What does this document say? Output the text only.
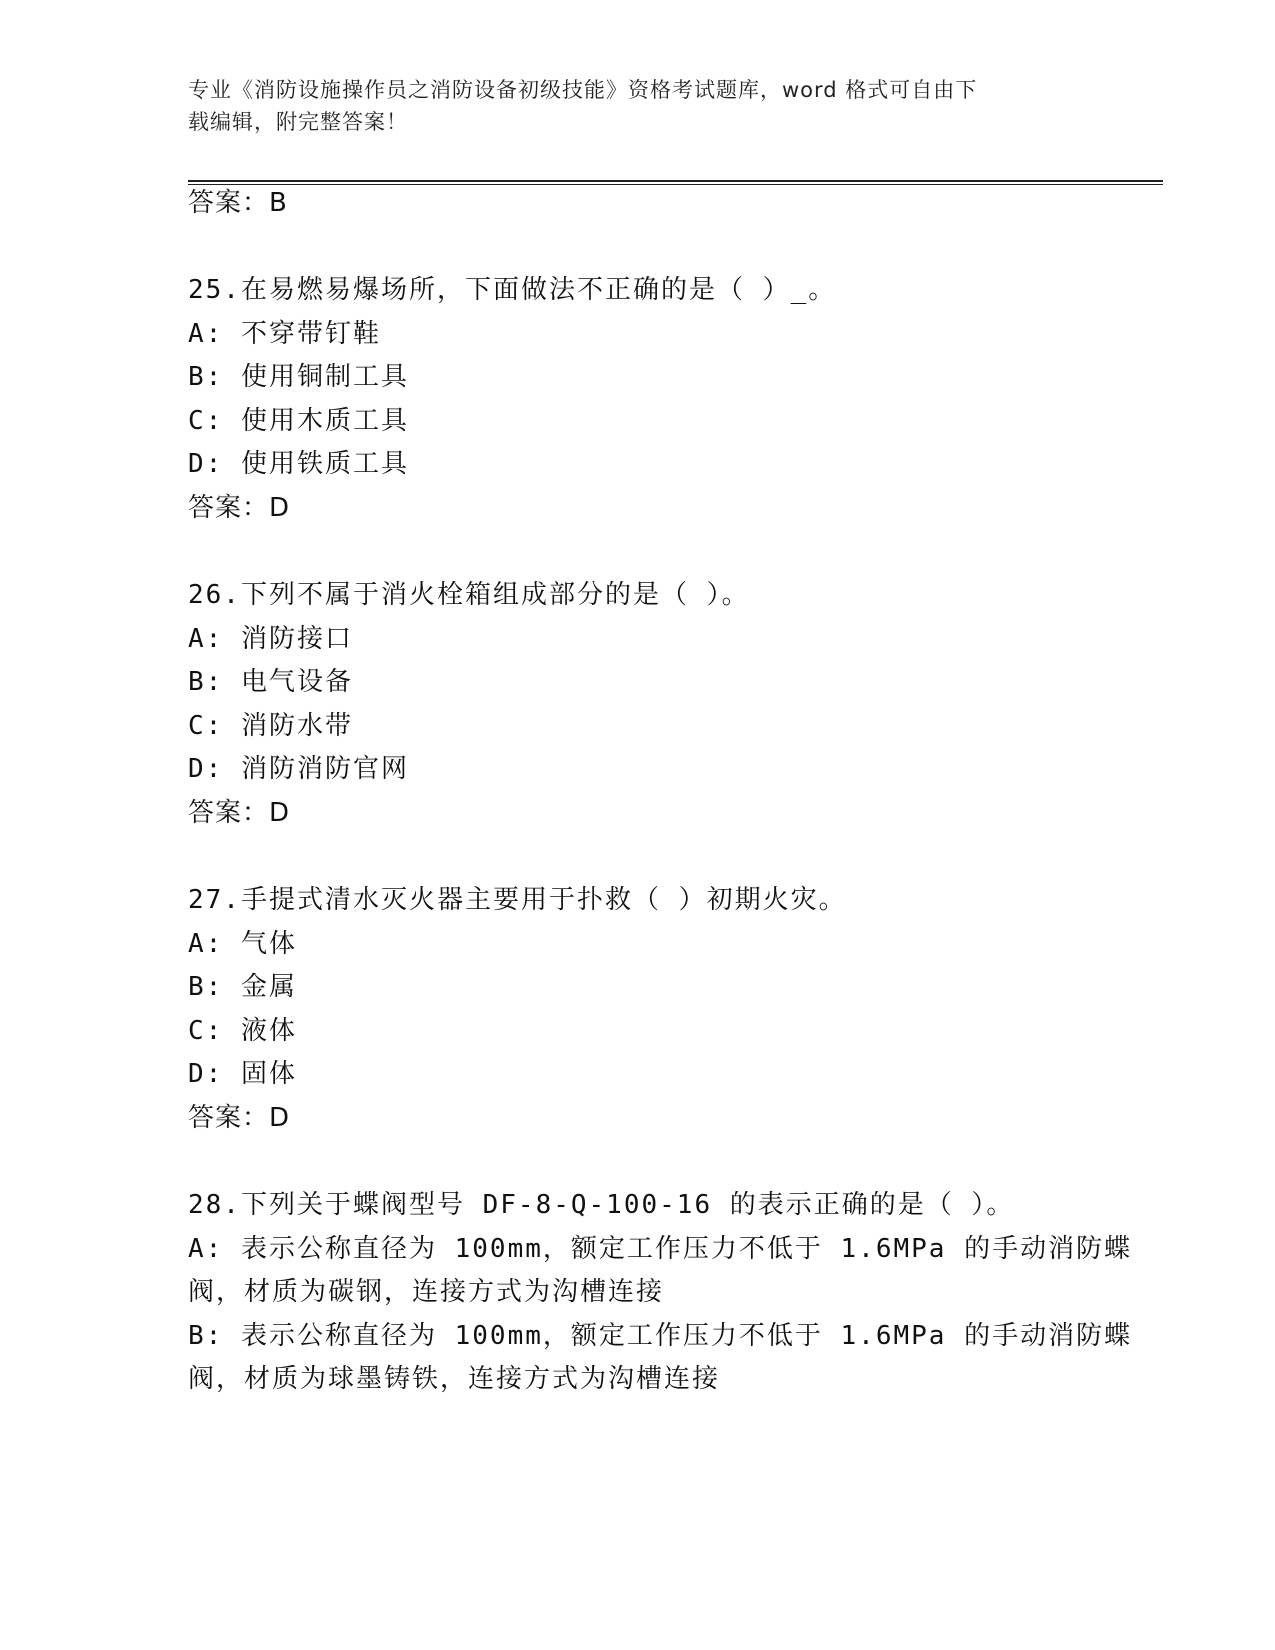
专业《消防设施操作员之消防设备初级技能》资格考试题库，word 格式可自由下
载编辑，附完整答案！
答案：B
25.在易燃易爆场所，下面做法不正确的是（ ）_。
A: 不穿带钉鞋
B: 使用铜制工具
C: 使用木质工具
D: 使用铁质工具
答案：D
26.下列不属于消火栓箱组成部分的是（ ）。
A: 消防接口
B: 电气设备
C: 消防水带
D: 消防消防官网
答案：D
27.手提式清水灭火器主要用于扑救（ ）初期火灾。
A: 气体
B: 金属
C: 液体
D: 固体
答案：D
28.下列关于蝶阀型号 DF-8-Q-100-16 的表示正确的是（ ）。
A: 表示公称直径为 100mm，额定工作压力不低于 1.6MPa 的手动消防蝶
阀，材质为碳钢，连接方式为沟槽连接
B: 表示公称直径为 100mm，额定工作压力不低于 1.6MPa 的手动消防蝶
阀，材质为球墨铸铁，连接方式为沟槽连接
